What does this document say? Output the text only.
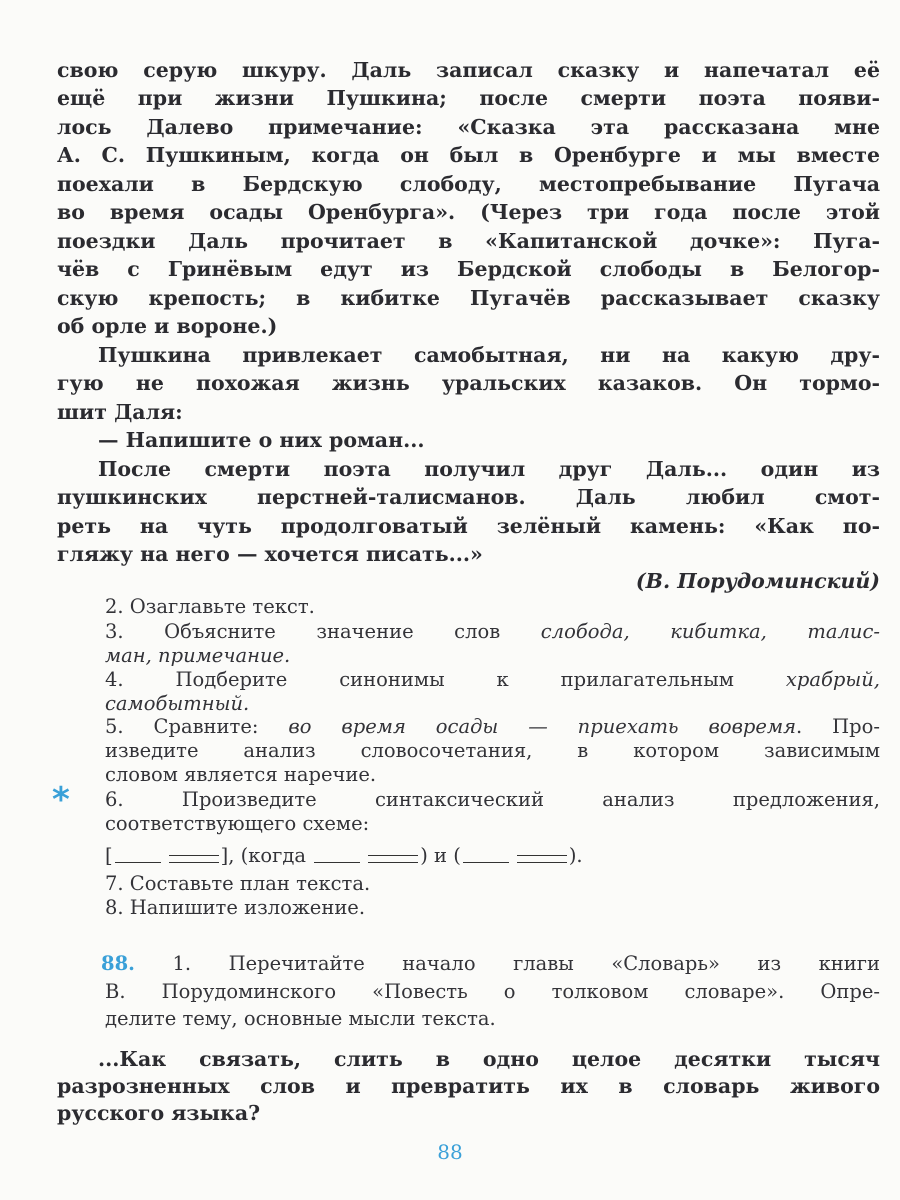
*
88
свою серую шкуру. Даль записал сказку и напечатал её
ещё при жизни Пушкина; после смерти поэта появи-
лось Далево примечание: «Сказка эта рассказана мне
А. С. Пушкиным, когда он был в Оренбурге и мы вместе
поехали в Бердскую слободу, местопребывание Пугача
во время осады Оренбурга». (Через три года после этой
поездки Даль прочитает в «Капитанской дочке»: Пуга-
чёв с Гринёвым едут из Бердской слободы в Белогор-
скую крепость; в кибитке Пугачёв рассказывает сказку
об орле и вороне.)
Пушкина привлекает самобытная, ни на какую дру-
гую не похожая жизнь уральских казаков. Он тормо-
шит Даля:
— Напишите о них роман...
После смерти поэта получил друг Даль... один из
пушкинских перстней-талисманов. Даль любил смот-
реть на чуть продолговатый зелёный камень: «Как по-
гляжу на него — хочется писать...»
(В. Порудоминский)
2. Озаглавьте текст.
3. Объясните значение слов слобода, кибитка, талис-
ман, примечание.
4. Подберите синонимы к прилагательным храбрый,
самобытный.
5. Сравните: во время осады — приехать вовремя. Про-
изведите анализ словосочетания, в котором зависимым
словом является наречие.
6. Произведите синтаксический анализ предложения,
соответствующего схеме:
[	], (когда	) и (	).
7. Составьте план текста.
8. Напишите изложение.
88. 1. Перечитайте начало главы «Словарь» из книги
В. Порудоминского «Повесть о толковом словаре». Опре-
делите тему, основные мысли текста.
...Как связать, слить в одно целое десятки тысяч
разрозненных слов и превратить их в словарь живого
русского языка?
